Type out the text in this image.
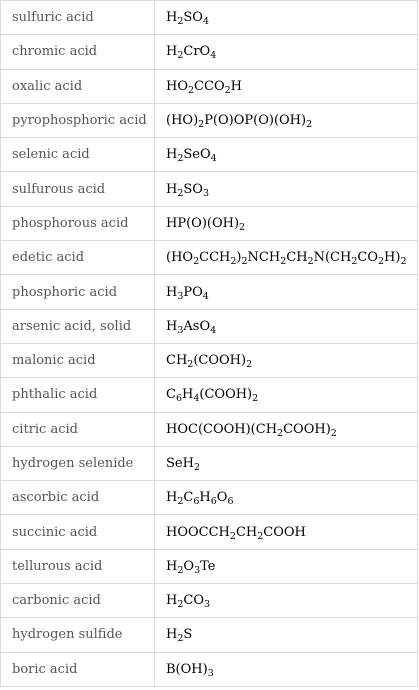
sulfuric acid	$H_2SO_4$
chromic acid	$H_2CrO_4$
oxalic acid	$HO_2CCO_2H$
pyrophosphoric acid	$(HO)_2P(O)OP(O)(OH)_2$
selenic acid	$H_2SeO_4$
sulfurous acid	$H_2SO_3$
phosphorous acid	$HP(O)(OH)_2$
edetic acid	$(HO_2CCH_2)_2NCH_2CH_2N(CH_2CO_2H)_2$
phosphoric acid	$H_3PO_4$
arsenic acid, solid	$H_3AsO_4$
malonic acid	$CH_2(COOH)_2$
phthalic acid	$C_6H_4(COOH)_2$
citric acid	$HOC(COOH)(CH_2COOH)_2$
hydrogen selenide	SeH$_2$
ascorbic acid	$H_2C_6H_6O_6$
succinic acid	$HOOCCH_2CH_2COOH$
tellurous acid	$H_2O_3Te$
carbonic acid	$H_2CO_3$
hydrogen sulfide	$H_2S$
boric acid	$B(OH)_3$
